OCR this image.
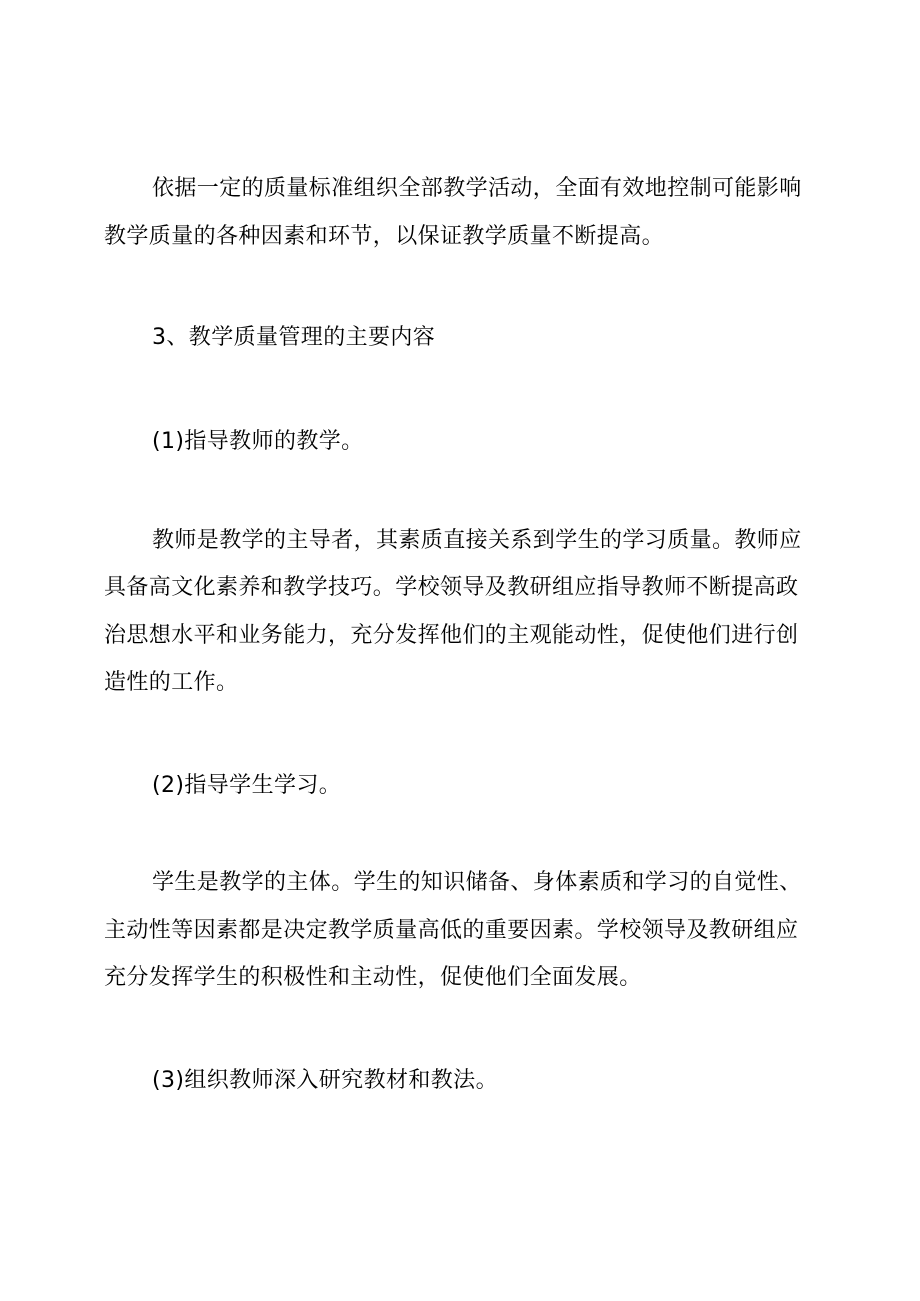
依据一定的质量标准组织全部教学活动，全面有效地控制可能影响
教学质量的各种因素和环节，以保证教学质量不断提高。
3、教学质量管理的主要内容
(1)指导教师的教学。
教师是教学的主导者，其素质直接关系到学生的学习质量。教师应
具备高文化素养和教学技巧。学校领导及教研组应指导教师不断提高政
治思想水平和业务能力，充分发挥他们的主观能动性，促使他们进行创
造性的工作。
(2)指导学生学习。
学生是教学的主体。学生的知识储备、身体素质和学习的自觉性、
主动性等因素都是决定教学质量高低的重要因素。学校领导及教研组应
充分发挥学生的积极性和主动性，促使他们全面发展。
(3)组织教师深入研究教材和教法。
